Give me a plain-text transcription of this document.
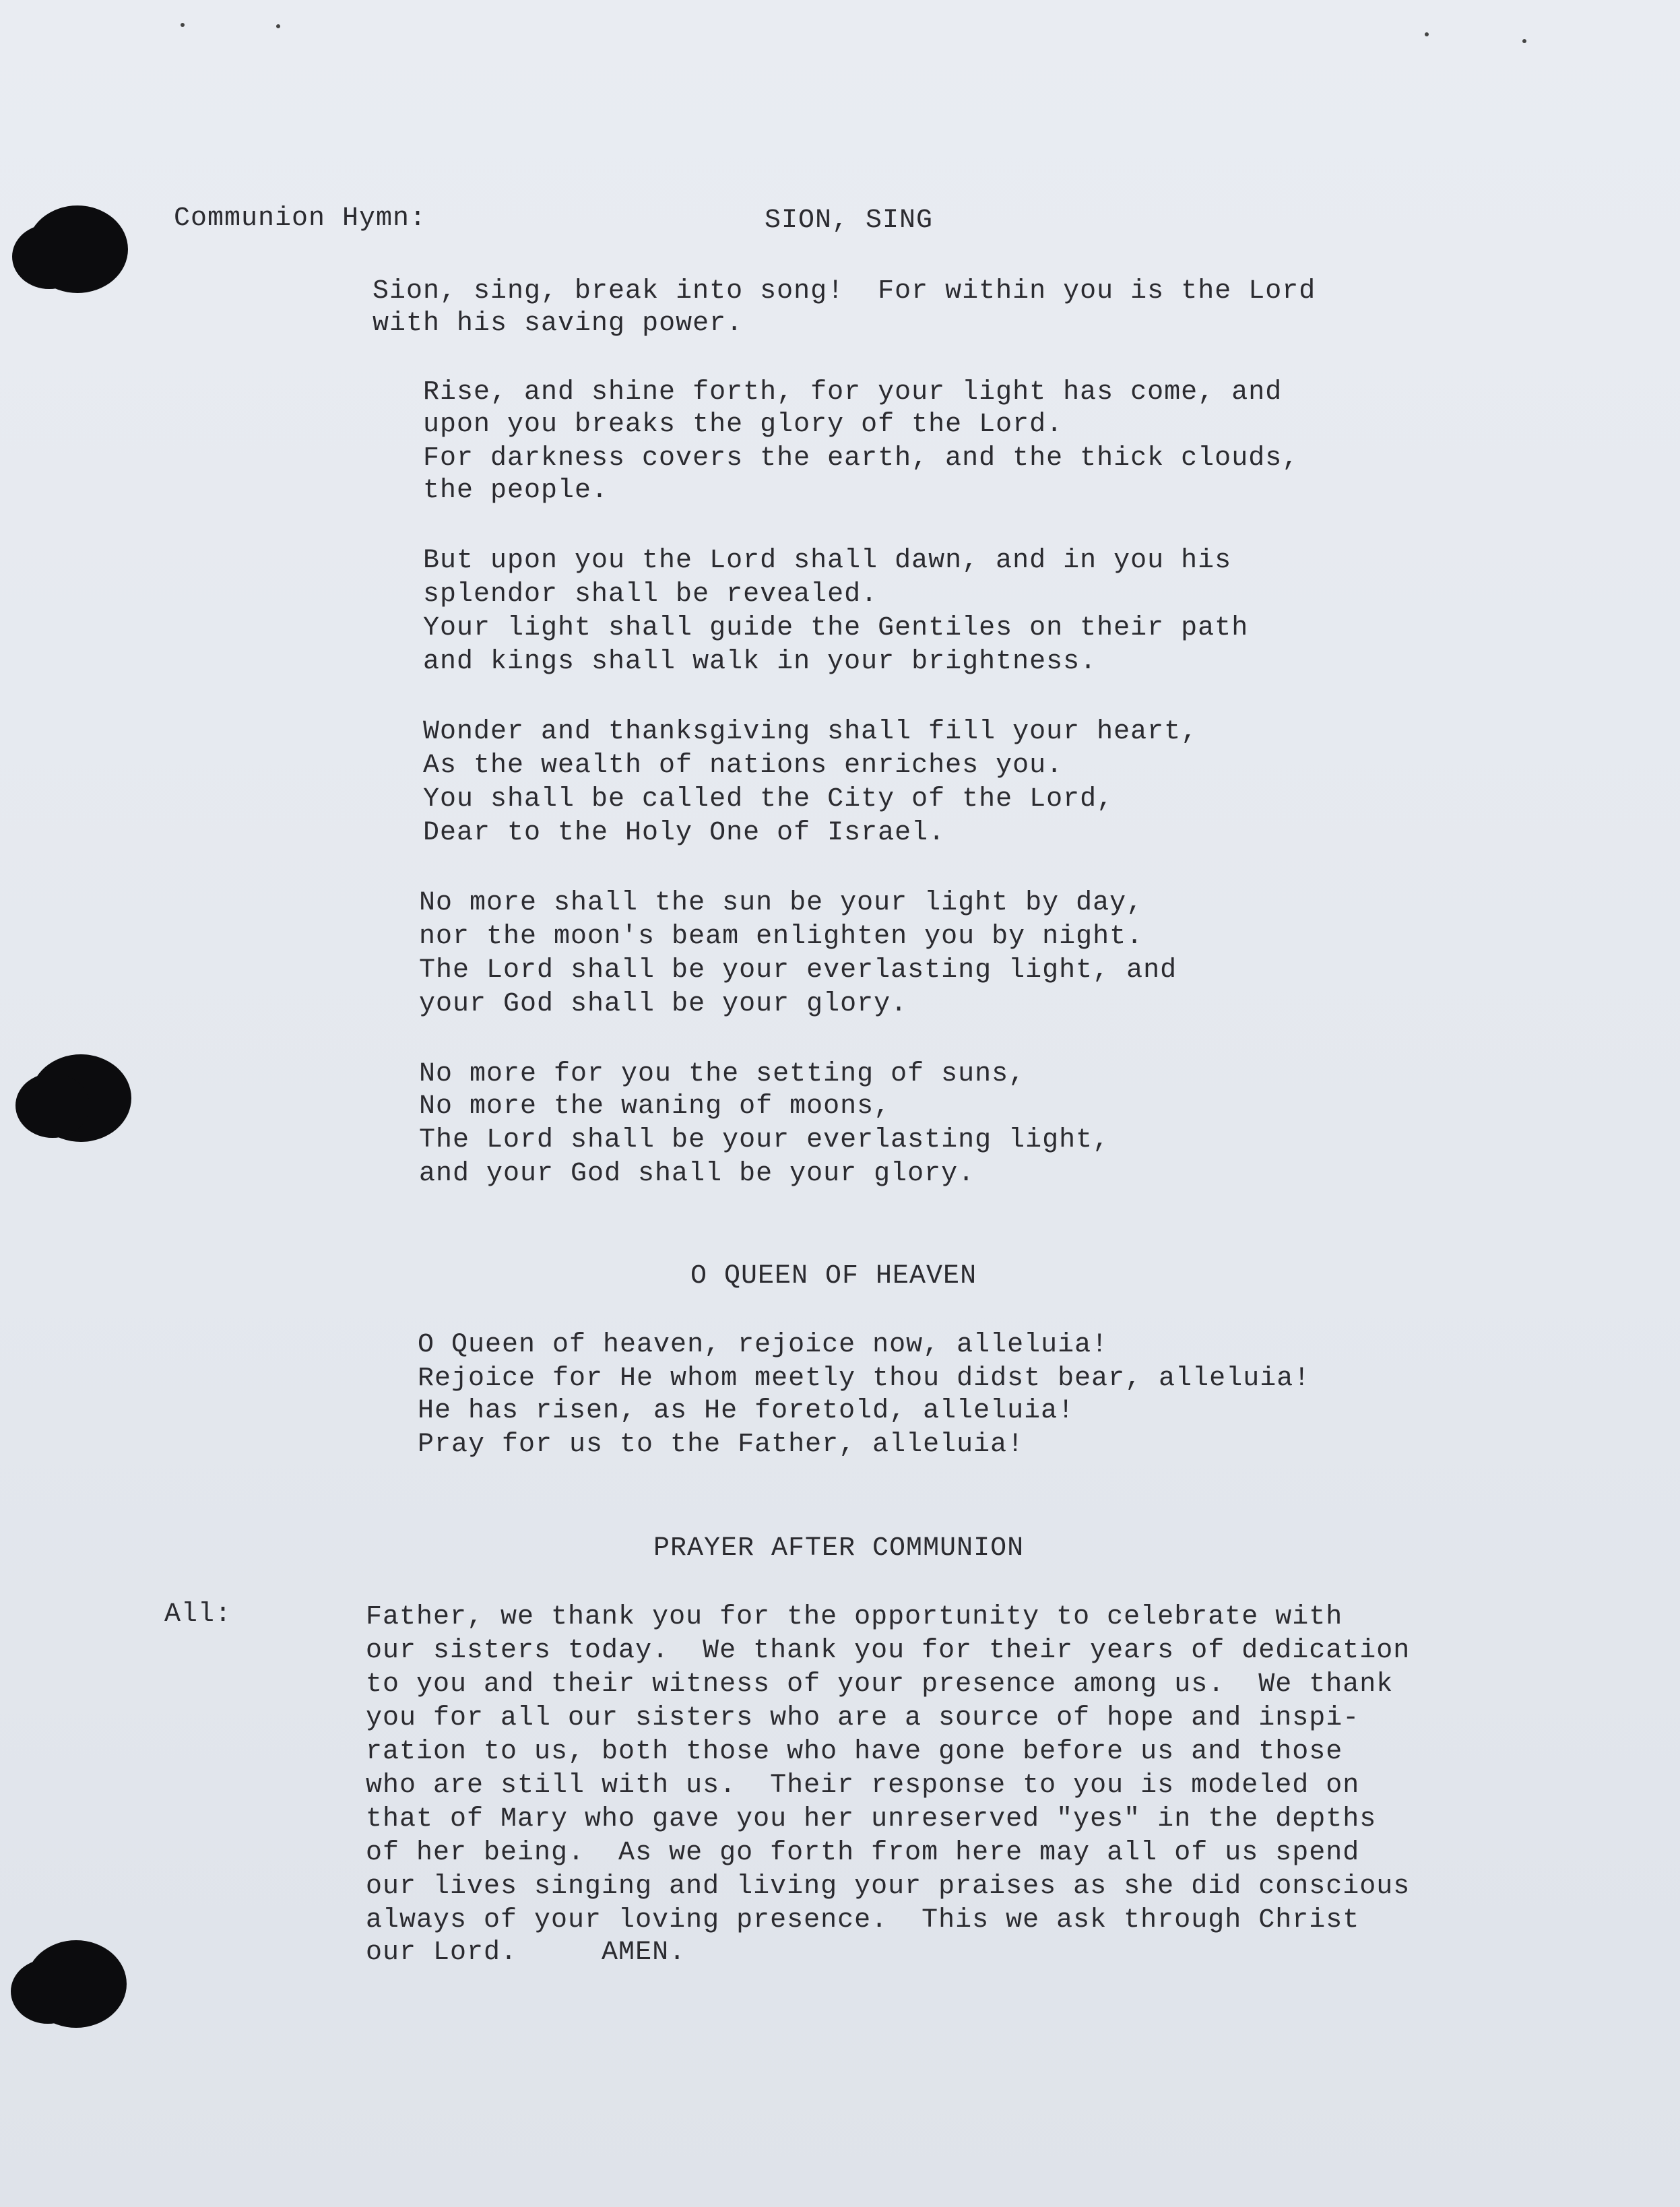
Communion Hymn:	SION, SING
Sion, sing, break into song!  For within you is the Lord
with his saving power.
Rise, and shine forth, for your light has come, and
upon you breaks the glory of the Lord.
For darkness covers the earth, and the thick clouds,
the people.
But upon you the Lord shall dawn, and in you his
splendor shall be revealed.
Your light shall guide the Gentiles on their path
and kings shall walk in your brightness.
Wonder and thanksgiving shall fill your heart,
As the wealth of nations enriches you.
You shall be called the City of the Lord,
Dear to the Holy One of Israel.
No more shall the sun be your light by day,
nor the moon's beam enlighten you by night.
The Lord shall be your everlasting light, and
your God shall be your glory.
No more for you the setting of suns,
No more the waning of moons,
The Lord shall be your everlasting light,
and your God shall be your glory.
O QUEEN OF HEAVEN
O Queen of heaven, rejoice now, alleluia!
Rejoice for He whom meetly thou didst bear, alleluia!
He has risen, as He foretold, alleluia!
Pray for us to the Father, alleluia!
PRAYER AFTER COMMUNION
All:	Father, we thank you for the opportunity to celebrate with
our sisters today.  We thank you for their years of dedication
to you and their witness of your presence among us.  We thank
you for all our sisters who are a source of hope and inspi-
ration to us, both those who have gone before us and those
who are still with us.  Their response to you is modeled on
that of Mary who gave you her unreserved "yes" in the depths
of her being.  As we go forth from here may all of us spend
our lives singing and living your praises as she did conscious
always of your loving presence.  This we ask through Christ
our Lord.     AMEN.
